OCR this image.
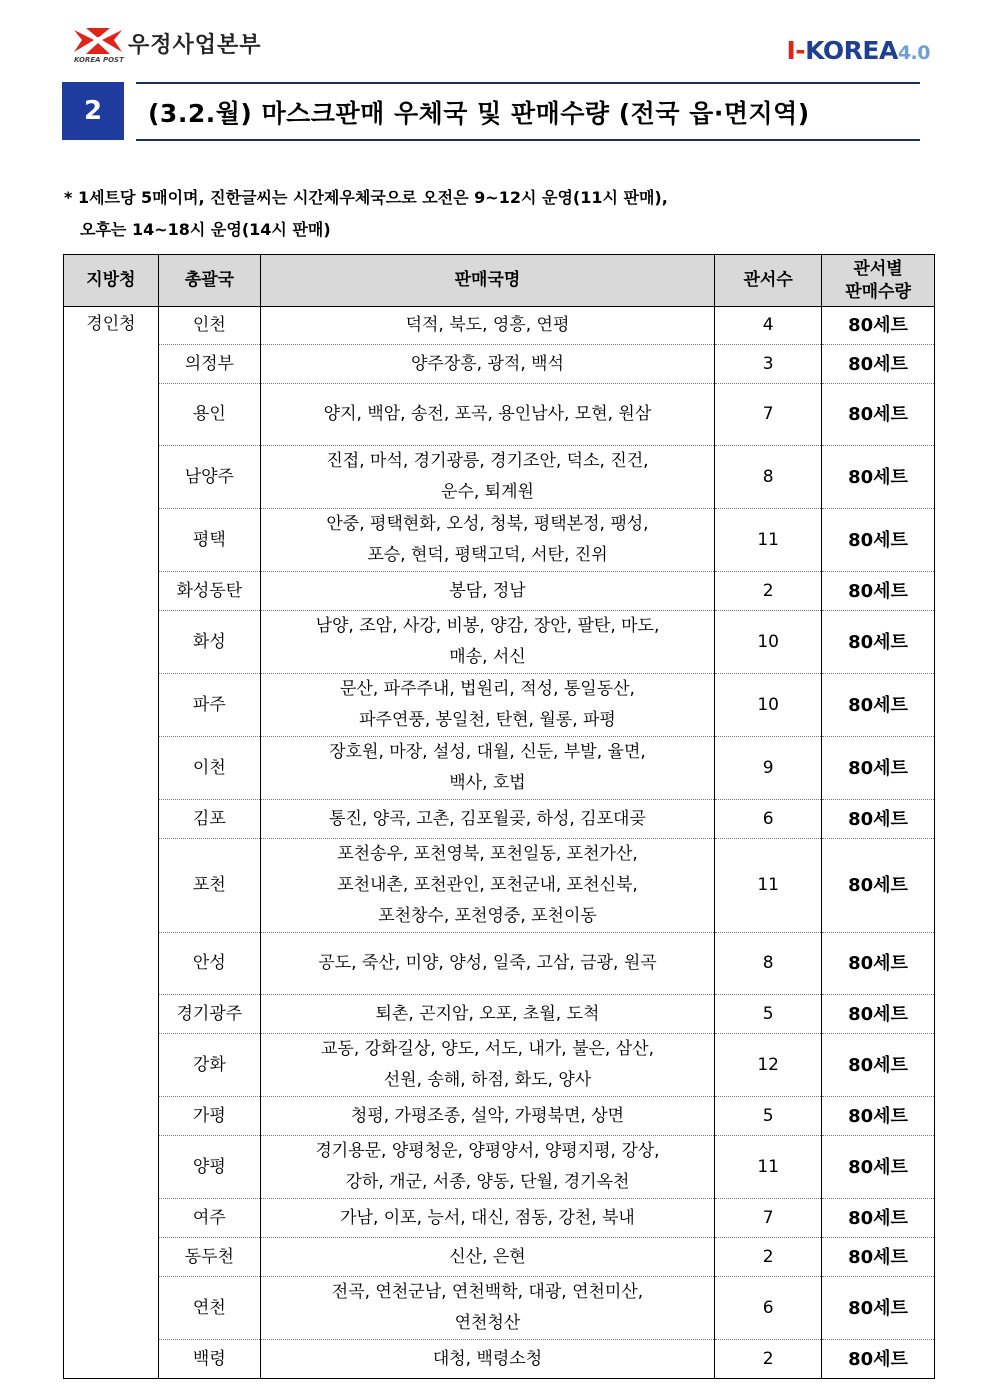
우정사업본부
KOREA POST	I-KOREA4.0
2	(3.2.월) 마스크판매 우체국 및 판매수량 (전국 읍·면지역)
* 1세트당 5매이며, 진한글씨는 시간제우체국으로 오전은 9∼12시 운영(11시 판매),
오후는 14∼18시 운영(14시 판매)
지방청	총괄국	판매국명	관서수	관서별
판매수량

경인청	인천	덕적, 북도, 영흥, 연평	4	80세트
	의정부	양주장흥, 광적, 백석	3	80세트
	용인	양지, 백암, 송전, 포곡, 용인남사, 모현, 원삼	7	80세트
	남양주	진접, 마석, 경기광릉, 경기조안, 덕소, 진건,
운수, 퇴계원	8	80세트
	평택	안중, 평택현화, 오성, 청북, 평택본정, 팽성,
포승, 현덕, 평택고덕, 서탄, 진위	11	80세트
	화성동탄	봉담, 정남	2	80세트
	화성	남양, 조암, 사강, 비봉, 양감, 장안, 팔탄, 마도,
매송, 서신	10	80세트
	파주	문산, 파주주내, 법원리, 적성, 통일동산,
파주연풍, 봉일천, 탄현, 월롱, 파평	10	80세트
	이천	장호원, 마장, 설성, 대월, 신둔, 부발, 율면,
백사, 호법	9	80세트
	김포	통진, 양곡, 고촌, 김포월곶, 하성, 김포대곶	6	80세트
	포천	포천송우, 포천영북, 포천일동, 포천가산,
포천내촌, 포천관인, 포천군내, 포천신북,
포천창수, 포천영중, 포천이동	11	80세트
	안성	공도, 죽산, 미양, 양성, 일죽, 고삼, 금광, 원곡	8	80세트
	경기광주	퇴촌, 곤지암, 오포, 초월, 도척	5	80세트
	강화	교동, 강화길상, 양도, 서도, 내가, 불은, 삼산,
선원, 송해, 하점, 화도, 양사	12	80세트
	가평	청평, 가평조종, 설악, 가평북면, 상면	5	80세트
	양평	경기용문, 양평청운, 양평양서, 양평지평, 강상,
강하, 개군, 서종, 양동, 단월, 경기옥천	11	80세트
	여주	가남, 이포, 능서, 대신, 점동, 강천, 북내	7	80세트
	동두천	신산, 은현	2	80세트
	연천	전곡, 연천군남, 연천백학, 대광, 연천미산,
연천청산	6	80세트
	백령	대청, 백령소청	2	80세트
